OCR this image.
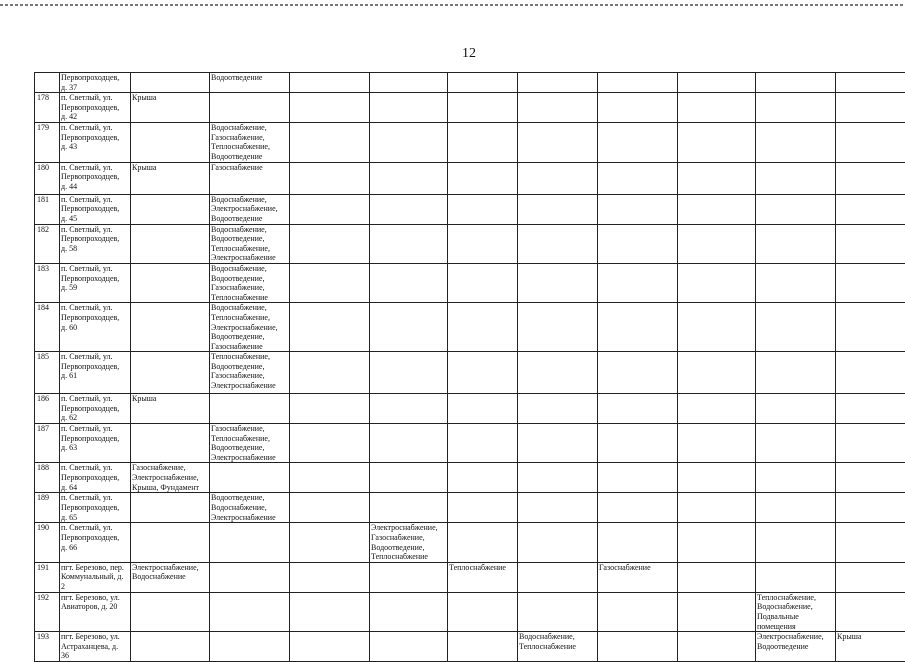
12
	Первопроходцев,
д. 37		Водоотведение								
178	п. Светлый, ул.
Первопроходцев,
д. 42	Крыша									
179	п. Светлый, ул.
Первопроходцев,
д. 43		Водоснабжение,
Газоснабжение,
Теплоснабжение,
Водоотведение								
180	п. Светлый, ул.
Первопроходцев,
д. 44	Крыша	Газоснабжение								
181	п. Светлый, ул.
Первопроходцев,
д. 45		Водоснабжение,
Электроснабжение,
Водоотведение								
182	п. Светлый, ул.
Первопроходцев,
д. 58		Водоснабжение,
Водоотведение,
Теплоснабжение,
Электроснабжение								
183	п. Светлый, ул.
Первопроходцев,
д. 59		Водоснабжение,
Водоотведение,
Газоснабжение,
Теплоснабжение								
184	п. Светлый, ул.
Первопроходцев,
д. 60		Водоснабжение,
Теплоснабжение,
Электроснабжение,
Водоотведение,
Газоснабжение								
185	п. Светлый, ул.
Первопроходцев,
д. 61		Теплоснабжение,
Водоотведение,
Газоснабжение,
Электроснабжение								
186	п. Светлый, ул.
Первопроходцев,
д. 62	Крыша									
187	п. Светлый, ул.
Первопроходцев,
д. 63		Газоснабжение,
Теплоснабжение,
Водоотведение,
Электроснабжение								
188	п. Светлый, ул.
Первопроходцев,
д. 64	Газоснабжение,
Электроснабжение,
Крыша, Фундамент									
189	п. Светлый, ул.
Первопроходцев,
д. 65		Водоотведение,
Водоснабжение,
Электроснабжение								
190	п. Светлый, ул.
Первопроходцев,
д. 66				Электроснабжение,
Газоснабжение,
Водоотведение,
Теплоснабжение						
191	пгт. Березово, пер.
Коммунальный, д.
2	Электроснабжение,
Водоснабжение				Теплоснабжение		Газоснабжение			
192	пгт. Березово, ул.
Авиаторов, д. 20									Теплоснабжение,
Водоснабжение,
Подвальные
помещения	
193	пгт. Березово, ул.
Астраханцева, д.
36						Водоснабжение,
Теплоснабжение			Электроснабжение,
Водоотведение	Крыша
